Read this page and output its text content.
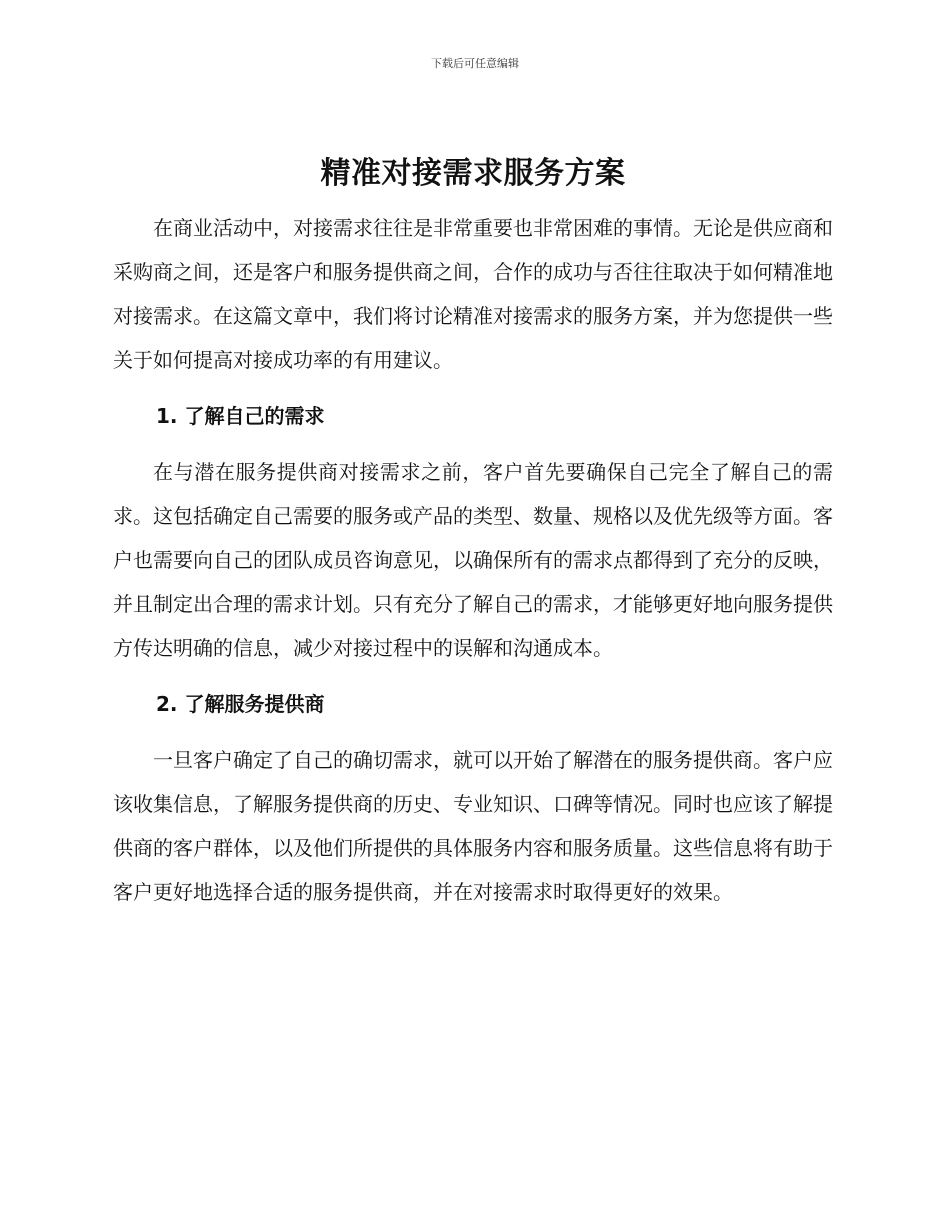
下载后可任意编辑
精准对接需求服务方案

在商业活动中，对接需求往往是非常重要也非常困难的事情。无论是供应商和采购商之间，还是客户和服务提供商之间，合作的成功与否往往取决于如何精准地对接需求。在这篇文章中，我们将讨论精准对接需求的服务方案，并为您提供一些关于如何提高对接成功率的有用建议。

1. 了解自己的需求

在与潜在服务提供商对接需求之前，客户首先要确保自己完全了解自己的需求。这包括确定自己需要的服务或产品的类型、数量、规格以及优先级等方面。客户也需要向自己的团队成员咨询意见，以确保所有的需求点都得到了充分的反映，并且制定出合理的需求计划。只有充分了解自己的需求，才能够更好地向服务提供方传达明确的信息，减少对接过程中的误解和沟通成本。

2. 了解服务提供商

一旦客户确定了自己的确切需求，就可以开始了解潜在的服务提供商。客户应该收集信息，了解服务提供商的历史、专业知识、口碑等情况。同时也应该了解提供商的客户群体，以及他们所提供的具体服务内容和服务质量。这些信息将有助于客户更好地选择合适的服务提供商，并在对接需求时取得更好的效果。
